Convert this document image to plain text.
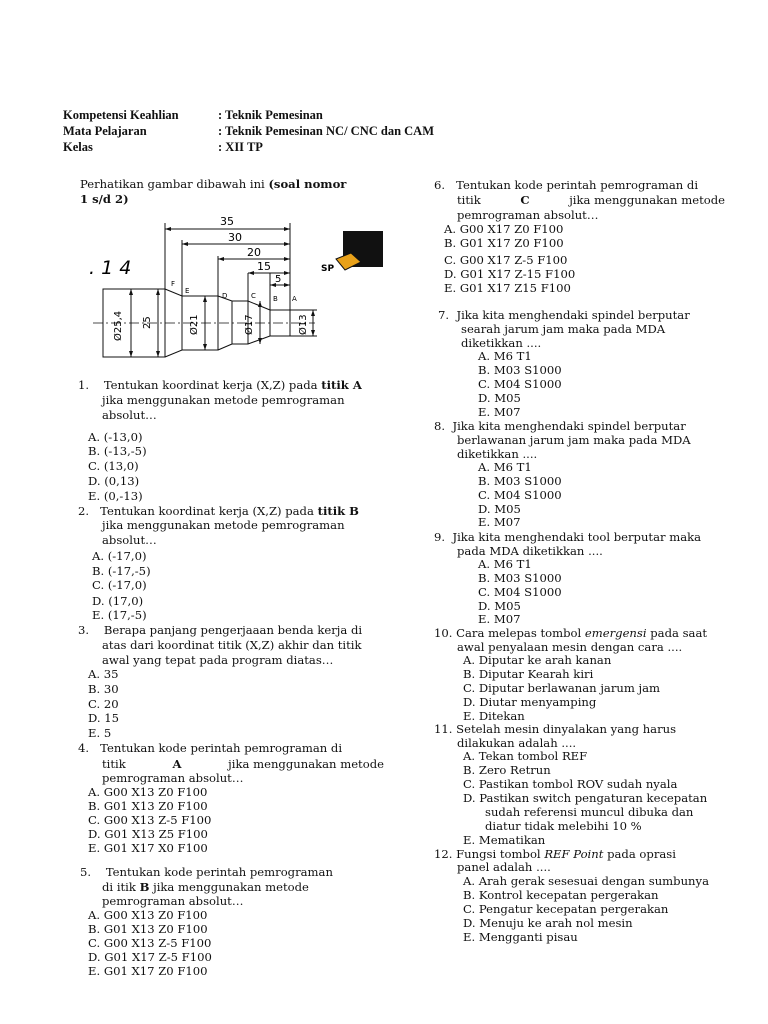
Kompetensi Keahlian	: Teknik Pemesinan
Mata Pelajaran	: Teknik Pemesinan NC/ CNC dan CAM
Kelas	: XII TP
Perhatikan gambar dibawah ini (soal nomor
1 s/d 2)
35
30
20
15
5
F
E
D	C B A
Ø25,4 25	Ø21	Ø17	Ø13
SP
. 1 4
1. Tentukan koordinat kerja (X,Z) pada titik A
jika menggunakan metode pemrograman
absolut…
A. (-13,0)
B. (-13,-5)
C. (13,0)
D. (0,13)
E. (0,-13)
2. Tentukan koordinat kerja (X,Z) pada titik B
jika menggunakan metode pemrograman
absolut…
A. (-17,0)
B. (-17,-5)
C. (-17,0)
D. (17,0)
E. (17,-5)
3. Berapa panjang pengerjaaan benda kerja di
atas dari koordinat titik (X,Z) akhir dan titik
awal yang tepat pada program diatas…
A. 35
B. 30
C. 20
D. 15
E. 5
4. Tentukan kode perintah pemrograman di
titik	A	jika menggunakan metode
pemrograman absolut…
A. G00 X13 Z0 F100
B. G01 X13 Z0 F100
C. G00 X13 Z-5 F100
D. G01 X13 Z5 F100
E. G01 X17 X0 F100
5. Tentukan kode perintah pemrograman
di itik B jika menggunakan metode
pemrograman absolut…
A. G00 X13 Z0 F100
B. G01 X13 Z0 F100
C. G00 X13 Z-5 F100
D. G01 X17 Z-5 F100
E. G01 X17 Z0 F100
6. Tentukan kode perintah pemrograman di
titik	C	jika menggunakan metode
pemrograman absolut…
A. G00 X17 Z0 F100
B. G01 X17 Z0 F100
C. G00 X17 Z-5 F100
D. G01 X17 Z-15 F100
E. G01 X17 Z15 F100
7. Jika kita menghendaki spindel berputar
searah jarum jam maka pada MDA
diketikkan ....
A. M6 T1
B. M03 S1000
C. M04 S1000
D. M05
E. M07
8. Jika kita menghendaki spindel berputar
berlawanan jarum jam maka pada MDA
diketikkan ....
A. M6 T1
B. M03 S1000
C. M04 S1000
D. M05
E. M07
9. Jika kita menghendaki tool berputar maka
pada MDA diketikkan ....
A. M6 T1
B. M03 S1000
C. M04 S1000
D. M05
E. M07
10. Cara melepas tombol emergensi pada saat
awal penyalaan mesin dengan cara ....
A. Diputar ke arah kanan
B. Diputar Kearah kiri
C. Diputar berlawanan jarum jam
D. Diutar menyamping
E. Ditekan
11. Setelah mesin dinyalakan yang harus
dilakukan adalah ....
A. Tekan tombol REF
B. Zero Retrun
C. Pastikan tombol ROV sudah nyala
D. Pastikan switch pengaturan kecepatan
sudah referensi muncul dibuka dan
diatur tidak melebihi 10 %
E. Mematikan
12. Fungsi tombol REF Point pada oprasi
panel adalah ....
A. Arah gerak sesesuai dengan sumbunya
B. Kontrol kecepatan pergerakan
C. Pengatur kecepatan pergerakan
D. Menuju ke arah nol mesin
E. Mengganti pisau
